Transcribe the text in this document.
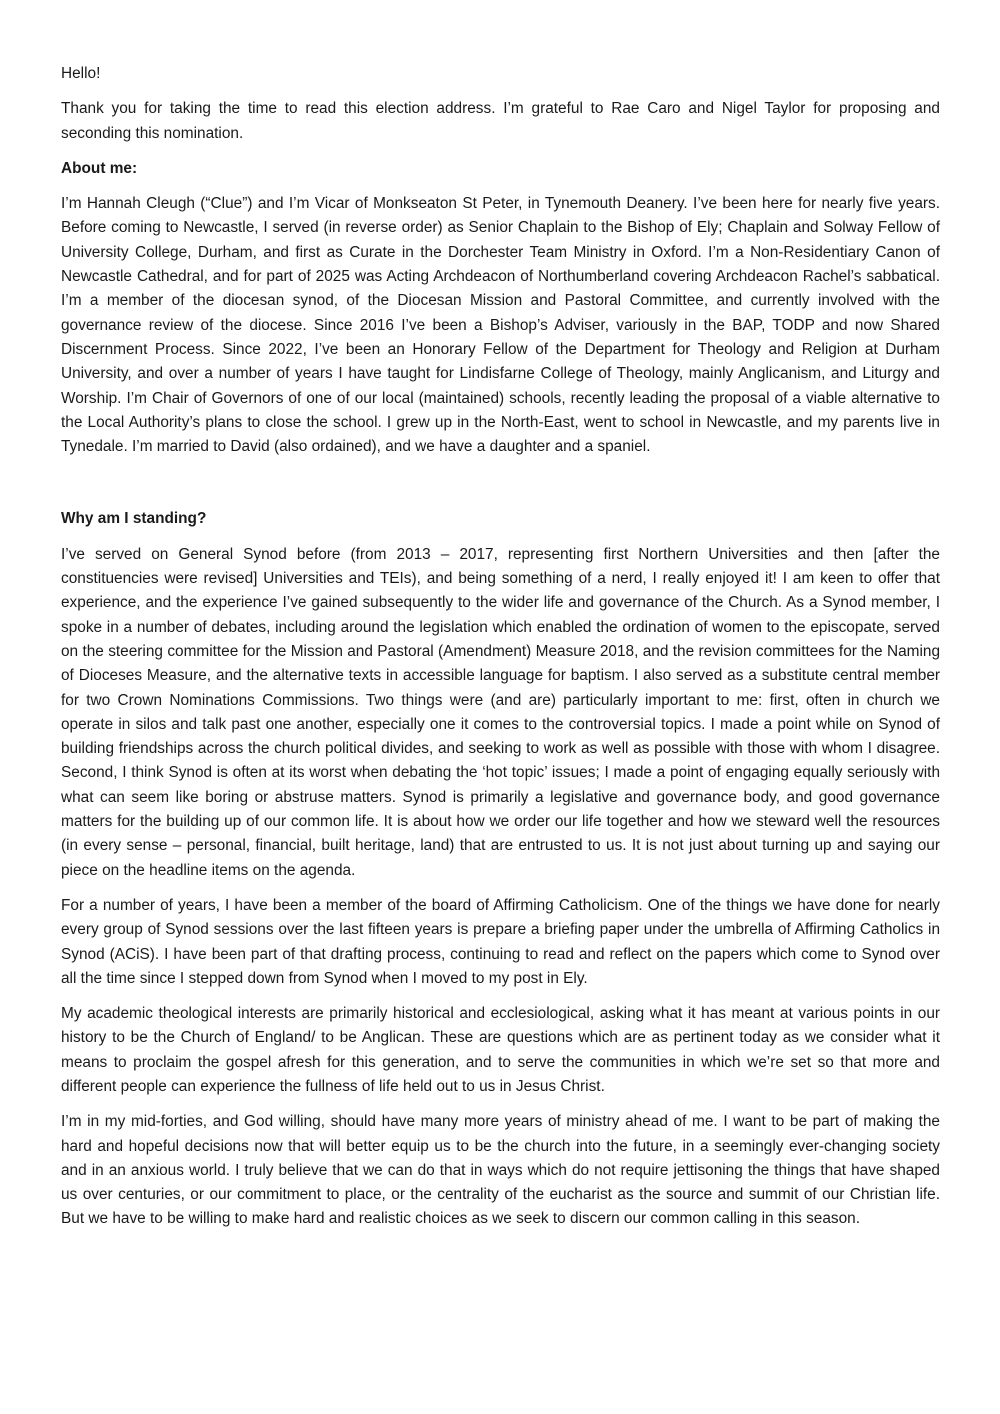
Hello!

Thank you for taking the time to read this election address. I’m grateful to Rae Caro and Nigel Taylor for proposing and seconding this nomination.

About me:

I’m Hannah Cleugh (“Clue”) and I’m Vicar of Monkseaton St Peter, in Tynemouth Deanery. I’ve been here for nearly five years. Before coming to Newcastle, I served (in reverse order) as Senior Chaplain to the Bishop of Ely; Chaplain and Solway Fellow of University College, Durham, and first as Curate in the Dorchester Team Ministry in Oxford. I’m a Non-Residentiary Canon of Newcastle Cathedral, and for part of 2025 was Acting Archdeacon of Northumberland covering Archdeacon Rachel’s sabbatical. I’m a member of the diocesan synod, of the Diocesan Mission and Pastoral Committee, and currently involved with the governance review of the diocese. Since 2016 I’ve been a Bishop’s Adviser, variously in the BAP, TODP and now Shared Discernment Process. Since 2022, I’ve been an Honorary Fellow of the Department for Theology and Religion at Durham University, and over a number of years I have taught for Lindisfarne College of Theology, mainly Anglicanism, and Liturgy and Worship. I’m Chair of Governors of one of our local (maintained) schools, recently leading the proposal of a viable alternative to the Local Authority’s plans to close the school. I grew up in the North-East, went to school in Newcastle, and my parents live in Tynedale. I’m married to David (also ordained), and we have a daughter and a spaniel.

Why am I standing?

I’ve served on General Synod before (from 2013 – 2017, representing first Northern Universities and then [after the constituencies were revised] Universities and TEIs), and being something of a nerd, I really enjoyed it! I am keen to offer that experience, and the experience I’ve gained subsequently to the wider life and governance of the Church. As a Synod member, I spoke in a number of debates, including around the legislation which enabled the ordination of women to the episcopate, served on the steering committee for the Mission and Pastoral (Amendment) Measure 2018, and the revision committees for the Naming of Dioceses Measure, and the alternative texts in accessible language for baptism. I also served as a substitute central member for two Crown Nominations Commissions. Two things were (and are) particularly important to me: first, often in church we operate in silos and talk past one another, especially one it comes to the controversial topics. I made a point while on Synod of building friendships across the church political divides, and seeking to work as well as possible with those with whom I disagree. Second, I think Synod is often at its worst when debating the ‘hot topic’ issues; I made a point of engaging equally seriously with what can seem like boring or abstruse matters. Synod is primarily a legislative and governance body, and good governance matters for the building up of our common life. It is about how we order our life together and how we steward well the resources (in every sense – personal, financial, built heritage, land) that are entrusted to us. It is not just about turning up and saying our piece on the headline items on the agenda.

For a number of years, I have been a member of the board of Affirming Catholicism. One of the things we have done for nearly every group of Synod sessions over the last fifteen years is prepare a briefing paper under the umbrella of Affirming Catholics in Synod (ACiS). I have been part of that drafting process, continuing to read and reflect on the papers which come to Synod over all the time since I stepped down from Synod when I moved to my post in Ely.

My academic theological interests are primarily historical and ecclesiological, asking what it has meant at various points in our history to be the Church of England/ to be Anglican. These are questions which are as pertinent today as we consider what it means to proclaim the gospel afresh for this generation, and to serve the communities in which we’re set so that more and different people can experience the fullness of life held out to us in Jesus Christ.

I’m in my mid-forties, and God willing, should have many more years of ministry ahead of me. I want to be part of making the hard and hopeful decisions now that will better equip us to be the church into the future, in a seemingly ever-changing society and in an anxious world. I truly believe that we can do that in ways which do not require jettisoning the things that have shaped us over centuries, or our commitment to place, or the centrality of the eucharist as the source and summit of our Christian life. But we have to be willing to make hard and realistic choices as we seek to discern our common calling in this season.
